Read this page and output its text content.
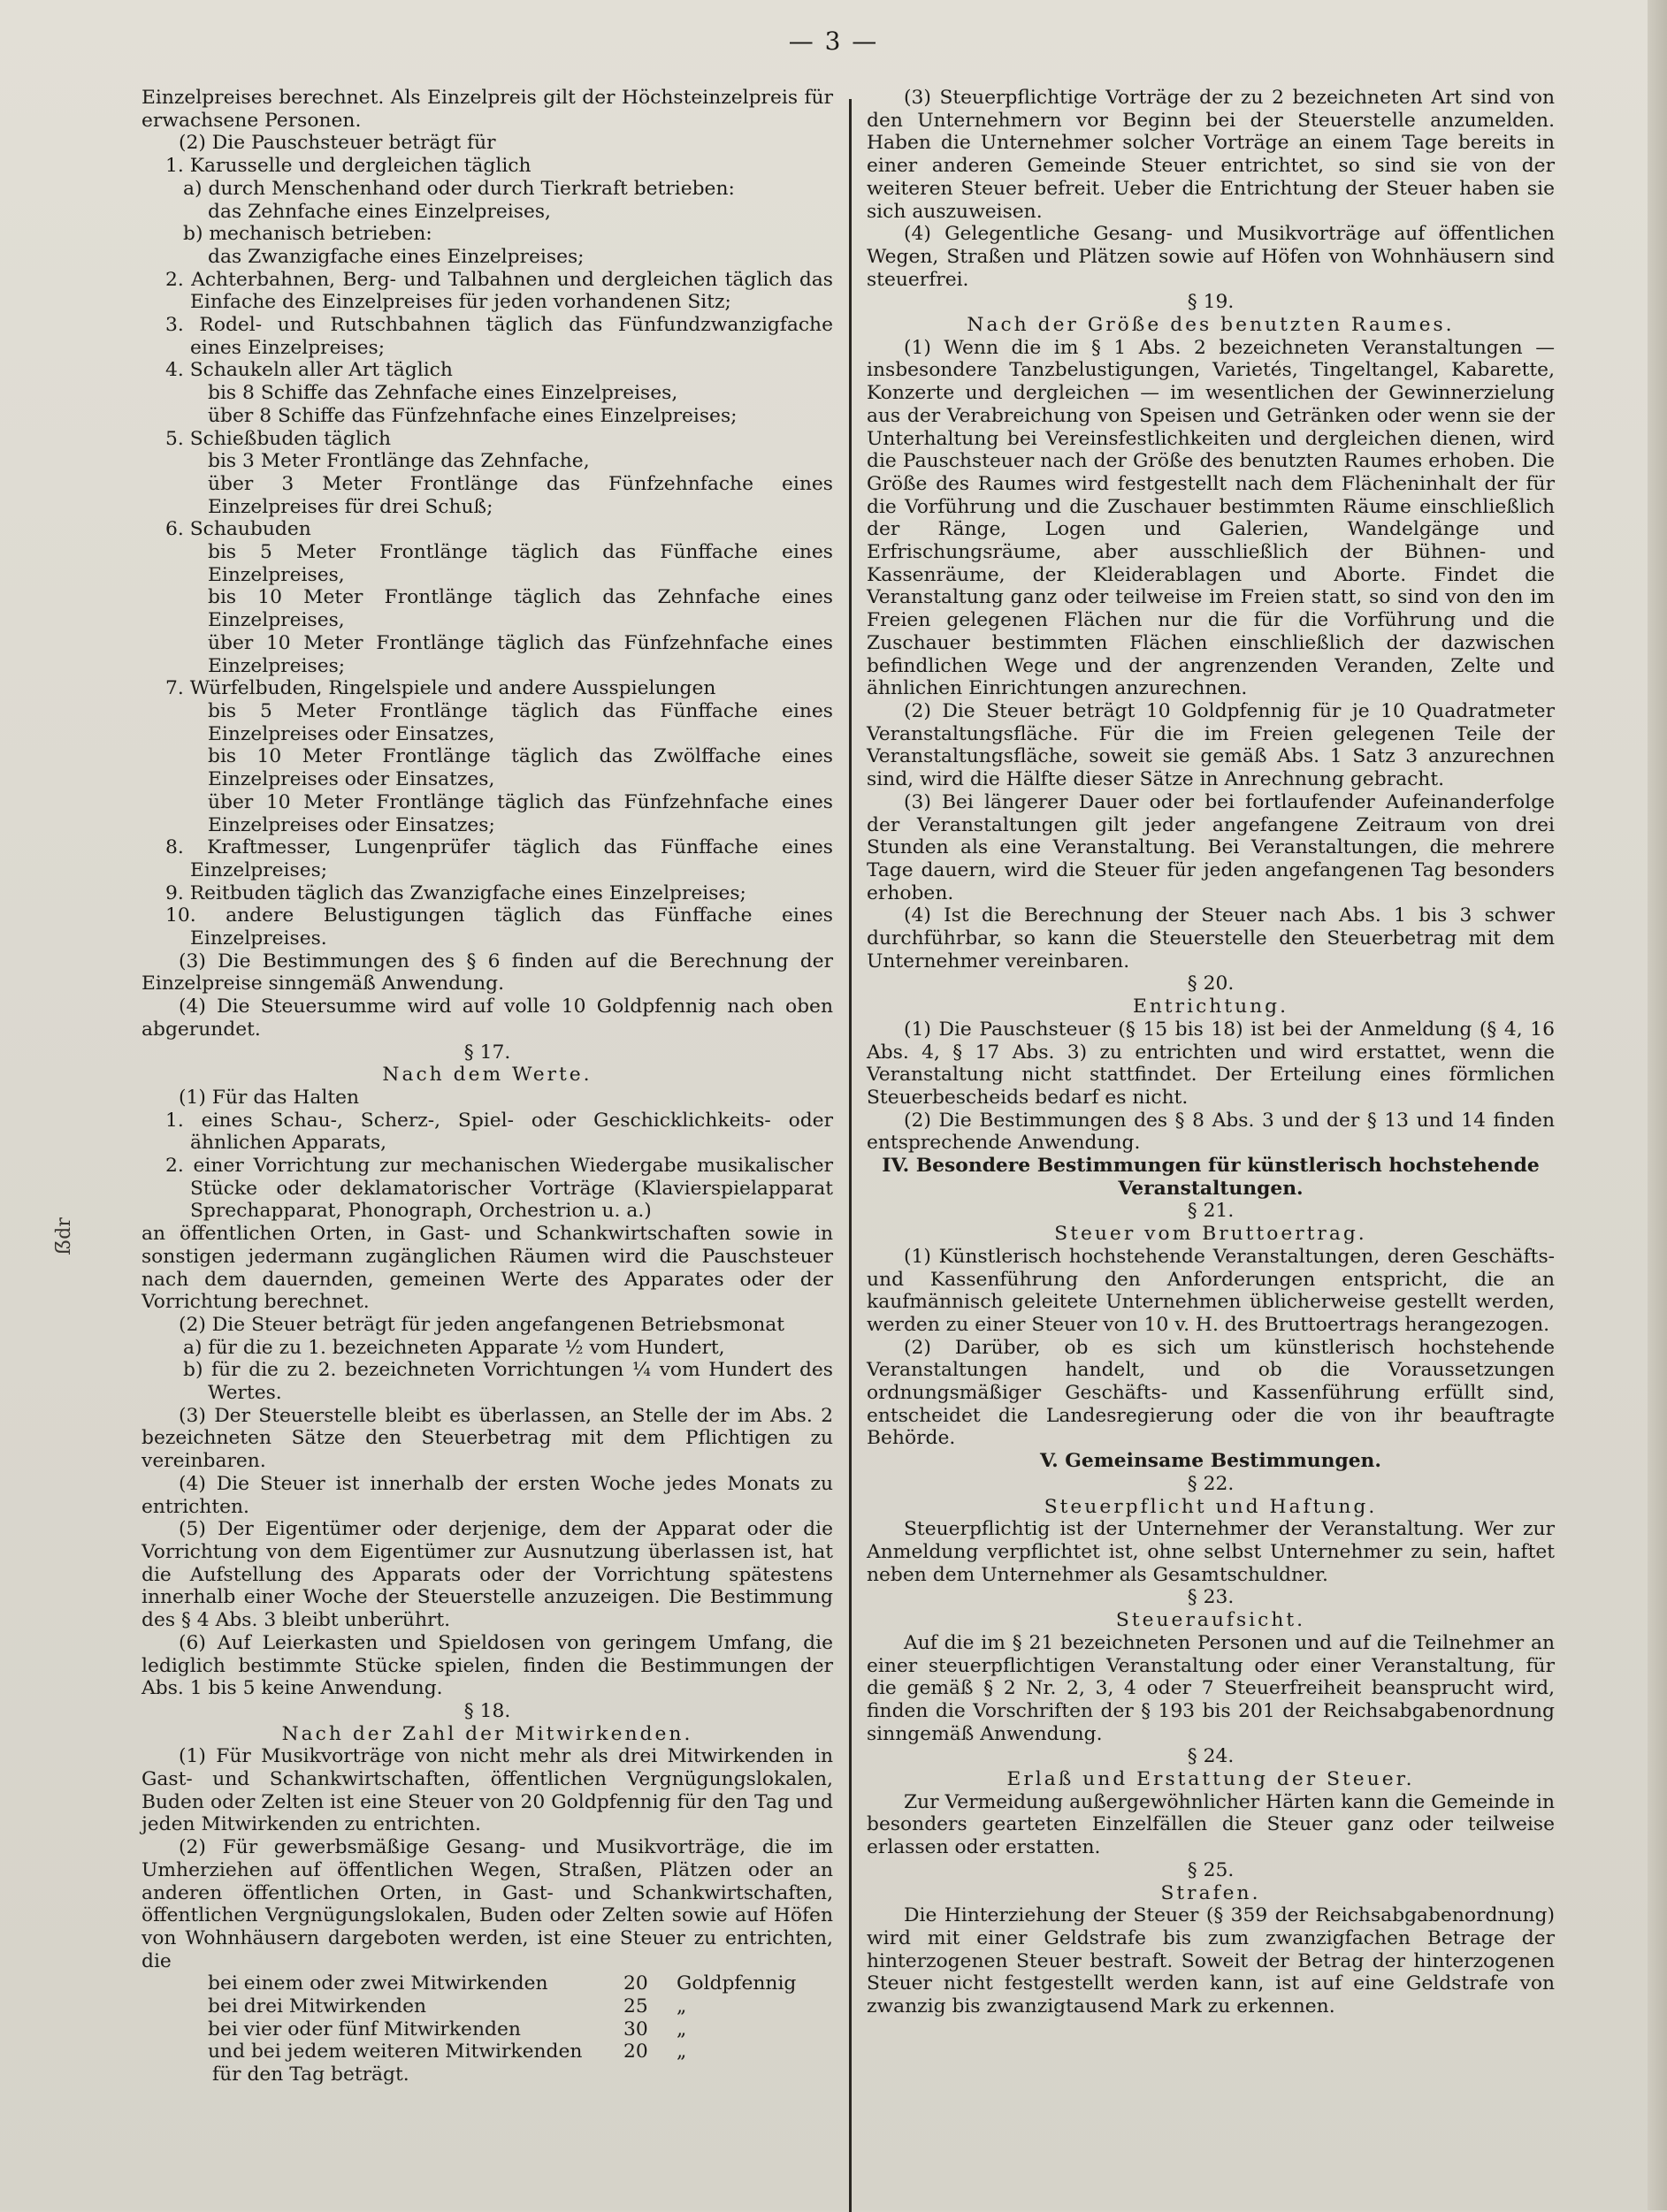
— 3 —
ẞdr

Einzelpreises berechnet. Als Einzelpreis gilt der Höchsteinzelpreis für erwachsene Personen.

(2) Die Pauschsteuer beträgt für

1. Karusselle und dergleichen täglich

a) durch Menschenhand oder durch Tierkraft betrieben:

das Zehnfache eines Einzelpreises,

b) mechanisch betrieben:

das Zwanzigfache eines Einzelpreises;

2. Achterbahnen, Berg- und Talbahnen und dergleichen täglich das Einfache des Einzelpreises für jeden vorhandenen Sitz;

3. Rodel- und Rutschbahnen täglich das Fünfundzwanzigfache eines Einzelpreises;

4. Schaukeln aller Art täglich

bis 8 Schiffe das Zehnfache eines Einzelpreises,

über 8 Schiffe das Fünfzehnfache eines Einzelpreises;

5. Schießbuden täglich

bis 3 Meter Frontlänge das Zehnfache,

über 3 Meter Frontlänge das Fünfzehnfache eines Einzelpreises für drei Schuß;

6. Schaubuden

bis 5 Meter Frontlänge täglich das Fünffache eines Einzelpreises,

bis 10 Meter Frontlänge täglich das Zehnfache eines Einzelpreises,

über 10 Meter Frontlänge täglich das Fünfzehnfache eines Einzelpreises;

7. Würfelbuden, Ringelspiele und andere Ausspielungen

bis 5 Meter Frontlänge täglich das Fünffache eines Einzelpreises oder Einsatzes,

bis 10 Meter Frontlänge täglich das Zwölffache eines Einzelpreises oder Einsatzes,

über 10 Meter Frontlänge täglich das Fünfzehnfache eines Einzelpreises oder Einsatzes;

8. Kraftmesser, Lungenprüfer täglich das Fünffache eines Einzelpreises;

9. Reitbuden täglich das Zwanzigfache eines Einzelpreises;

10. andere Belustigungen täglich das Fünffache eines Einzelpreises.

(3) Die Bestimmungen des § 6 finden auf die Berechnung der Einzelpreise sinngemäß Anwendung.

(4) Die Steuersumme wird auf volle 10 Goldpfennig nach oben abgerundet.

§ 17.

Nach dem Werte.

(1) Für das Halten

1. eines Schau-, Scherz-, Spiel- oder Geschicklichkeits- oder ähnlichen Apparats,

2. einer Vorrichtung zur mechanischen Wiedergabe musikalischer Stücke oder deklamatorischer Vorträge (Klavierspielapparat Sprechapparat, Phonograph, Orchestrion u. a.)

an öffentlichen Orten, in Gast- und Schankwirtschaften sowie in sonstigen jedermann zugänglichen Räumen wird die Pauschsteuer nach dem dauernden, gemeinen Werte des Apparates oder der Vorrichtung berechnet.

(2) Die Steuer beträgt für jeden angefangenen Betriebsmonat

a) für die zu 1. bezeichneten Apparate ½ vom Hundert,

b) für die zu 2. bezeichneten Vorrichtungen ¼ vom Hundert des Wertes.

(3) Der Steuerstelle bleibt es überlassen, an Stelle der im Abs. 2 bezeichneten Sätze den Steuerbetrag mit dem Pflichtigen zu vereinbaren.

(4) Die Steuer ist innerhalb der ersten Woche jedes Monats zu entrichten.

(5) Der Eigentümer oder derjenige, dem der Apparat oder die Vorrichtung von dem Eigentümer zur Ausnutzung überlassen ist, hat die Aufstellung des Apparats oder der Vorrichtung spätestens innerhalb einer Woche der Steuerstelle anzuzeigen. Die Bestimmung des § 4 Abs. 3 bleibt unberührt.

(6) Auf Leierkasten und Spieldosen von geringem Umfang, die lediglich bestimmte Stücke spielen, finden die Bestimmungen der Abs. 1 bis 5 keine Anwendung.

§ 18.

Nach der Zahl der Mitwirkenden.

(1) Für Musikvorträge von nicht mehr als drei Mitwirkenden in Gast- und Schankwirtschaften, öffentlichen Vergnügungslokalen, Buden oder Zelten ist eine Steuer von 20 Goldpfennig für den Tag und jeden Mitwirkenden zu entrichten.

(2) Für gewerbsmäßige Gesang- und Musikvorträge, die im Umherziehen auf öffentlichen Wegen, Straßen, Plätzen oder an anderen öffentlichen Orten, in Gast- und Schankwirtschaften, öffentlichen Vergnügungslokalen, Buden oder Zelten sowie auf Höfen von Wohnhäusern dargeboten werden, ist eine Steuer zu entrichten, die

bei einem oder zwei Mitwirkenden	20	Goldpfennig
bei drei Mitwirkenden	25	„
bei vier oder fünf Mitwirkenden	30	„
und bei jedem weiteren Mitwirkenden	20	„

für den Tag beträgt.

(3) Steuerpflichtige Vorträge der zu 2 bezeichneten Art sind von den Unternehmern vor Beginn bei der Steuerstelle anzumelden. Haben die Unternehmer solcher Vorträge an einem Tage bereits in einer anderen Gemeinde Steuer entrichtet, so sind sie von der weiteren Steuer befreit. Ueber die Entrichtung der Steuer haben sie sich auszuweisen.

(4) Gelegentliche Gesang- und Musikvorträge auf öffentlichen Wegen, Straßen und Plätzen sowie auf Höfen von Wohnhäusern sind steuerfrei.

§ 19.

Nach der Größe des benutzten Raumes.

(1) Wenn die im § 1 Abs. 2 bezeichneten Veranstaltungen — insbesondere Tanzbelustigungen, Varietés, Tingeltangel, Kabarette, Konzerte und dergleichen — im wesentlichen der Gewinnerzielung aus der Verabreichung von Speisen und Getränken oder wenn sie der Unterhaltung bei Vereinsfestlichkeiten und dergleichen dienen, wird die Pauschsteuer nach der Größe des benutzten Raumes erhoben. Die Größe des Raumes wird festgestellt nach dem Flächeninhalt der für die Vorführung und die Zuschauer bestimmten Räume einschließlich der Ränge, Logen und Galerien, Wandelgänge und Erfrischungsräume, aber ausschließlich der Bühnen- und Kassenräume, der Kleiderablagen und Aborte. Findet die Veranstaltung ganz oder teilweise im Freien statt, so sind von den im Freien gelegenen Flächen nur die für die Vorführung und die Zuschauer bestimmten Flächen einschließlich der dazwischen befindlichen Wege und der angrenzenden Veranden, Zelte und ähnlichen Einrichtungen anzurechnen.

(2) Die Steuer beträgt 10 Goldpfennig für je 10 Quadratmeter Veranstaltungsfläche. Für die im Freien gelegenen Teile der Veranstaltungsfläche, soweit sie gemäß Abs. 1 Satz 3 anzurechnen sind, wird die Hälfte dieser Sätze in Anrechnung gebracht.

(3) Bei längerer Dauer oder bei fortlaufender Aufeinanderfolge der Veranstaltungen gilt jeder angefangene Zeitraum von drei Stunden als eine Veranstaltung. Bei Veranstaltungen, die mehrere Tage dauern, wird die Steuer für jeden angefangenen Tag besonders erhoben.

(4) Ist die Berechnung der Steuer nach Abs. 1 bis 3 schwer durchführbar, so kann die Steuerstelle den Steuerbetrag mit dem Unternehmer vereinbaren.

§ 20.

Entrichtung.

(1) Die Pauschsteuer (§ 15 bis 18) ist bei der Anmeldung (§ 4, 16 Abs. 4, § 17 Abs. 3) zu entrichten und wird erstattet, wenn die Veranstaltung nicht stattfindet. Der Erteilung eines förmlichen Steuerbescheids bedarf es nicht.

(2) Die Bestimmungen des § 8 Abs. 3 und der § 13 und 14 finden entsprechende Anwendung.

IV. Besondere Bestimmungen für künstlerisch hochstehende Veranstaltungen.

§ 21.

Steuer vom Bruttoertrag.

(1) Künstlerisch hochstehende Veranstaltungen, deren Geschäfts- und Kassenführung den Anforderungen entspricht, die an kaufmännisch geleitete Unternehmen üblicherweise gestellt werden, werden zu einer Steuer von 10 v. H. des Bruttoertrags herangezogen.

(2) Darüber, ob es sich um künstlerisch hochstehende Veranstaltungen handelt, und ob die Voraussetzungen ordnungsmäßiger Geschäfts- und Kassenführung erfüllt sind, entscheidet die Landesregierung oder die von ihr beauftragte Behörde.

V. Gemeinsame Bestimmungen.

§ 22.

Steuerpflicht und Haftung.

Steuerpflichtig ist der Unternehmer der Veranstaltung. Wer zur Anmeldung verpflichtet ist, ohne selbst Unternehmer zu sein, haftet neben dem Unternehmer als Gesamtschuldner.

§ 23.

Steueraufsicht.

Auf die im § 21 bezeichneten Personen und auf die Teilnehmer an einer steuerpflichtigen Veranstaltung oder einer Veranstaltung, für die gemäß § 2 Nr. 2, 3, 4 oder 7 Steuerfreiheit beansprucht wird, finden die Vorschriften der § 193 bis 201 der Reichsabgabenordnung sinngemäß Anwendung.

§ 24.

Erlaß und Erstattung der Steuer.

Zur Vermeidung außergewöhnlicher Härten kann die Gemeinde in besonders gearteten Einzelfällen die Steuer ganz oder teilweise erlassen oder erstatten.

§ 25.

Strafen.

Die Hinterziehung der Steuer (§ 359 der Reichsabgabenordnung) wird mit einer Geldstrafe bis zum zwanzigfachen Betrage der hinterzogenen Steuer bestraft. Soweit der Betrag der hinterzogenen Steuer nicht festgestellt werden kann, ist auf eine Geldstrafe von zwanzig bis zwanzigtausend Mark zu erkennen.
